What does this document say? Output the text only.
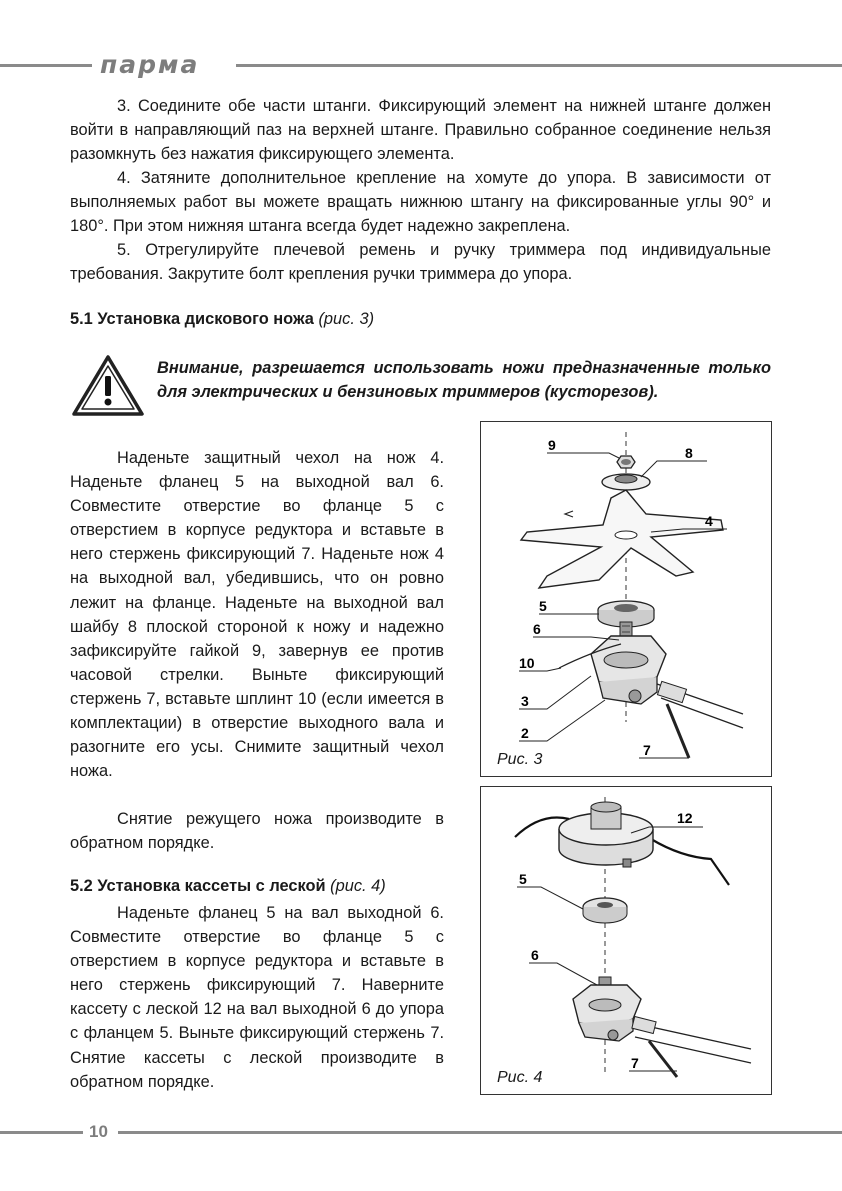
парма

3. Соедините обе части штанги. Фиксирующий элемент на нижней штанге должен войти в направляющий паз на верхней штанге. Правильно собранное соединение нельзя разомкнуть без нажатия фиксирующего элемента.

4. Затяните дополнительное крепление на хомуте до упора. В зависимости от выполняемых работ вы можете вращать нижнюю штангу на фиксированные углы 90° и 180°. При этом нижняя штанга всегда будет надежно закреплена.

5. Отрегулируйте плечевой ремень и ручку триммера под индивидуальные требования. Закрутите болт крепления ручки триммера до упора.

5.1 Установка дискового ножа (рис. 3)

Внимание, разрешается использовать ножи предназначенные только для электрических и бензиновых триммеров (кусторезов).

Наденьте защитный чехол на нож 4. Наденьте фланец 5 на выходной вал 6. Совместите отверстие во фланце 5 с отверстием в корпусе редуктора и вставьте в него стержень фиксирующий 7. Наденьте нож 4 на выходной вал, убедившись, что он ровно лежит на фланце. Наденьте на выходной вал шайбу 8 плоской стороной к ножу и надежно зафиксируйте гайкой 9, завернув ее против часовой стрелки. Выньте фиксирующий стержень 7, вставьте шплинт 10 (если имеется в комплектации) в отверстие выходного вала и разогните его усы. Снимите защитный чехол ножа.

Снятие режущего ножа производите в обратном порядке.

5.2 Установка кассеты с леской (рис. 4)

Наденьте фланец 5 на вал выходной 6. Совместите отверстие во фланце 5 с отверстием в корпусе редуктора и вставьте в него стержень фиксирующий 7. Наверните кассету с леской 12 на вал выходной 6 до упора с фланцем 5. Выньте фиксирующий стержень 7. Снятие кассеты с леской производите в обратном порядке.

9	8
4
5
6
10
3
2
7
Рис. 3
12
5
6
7
Рис. 4
10
